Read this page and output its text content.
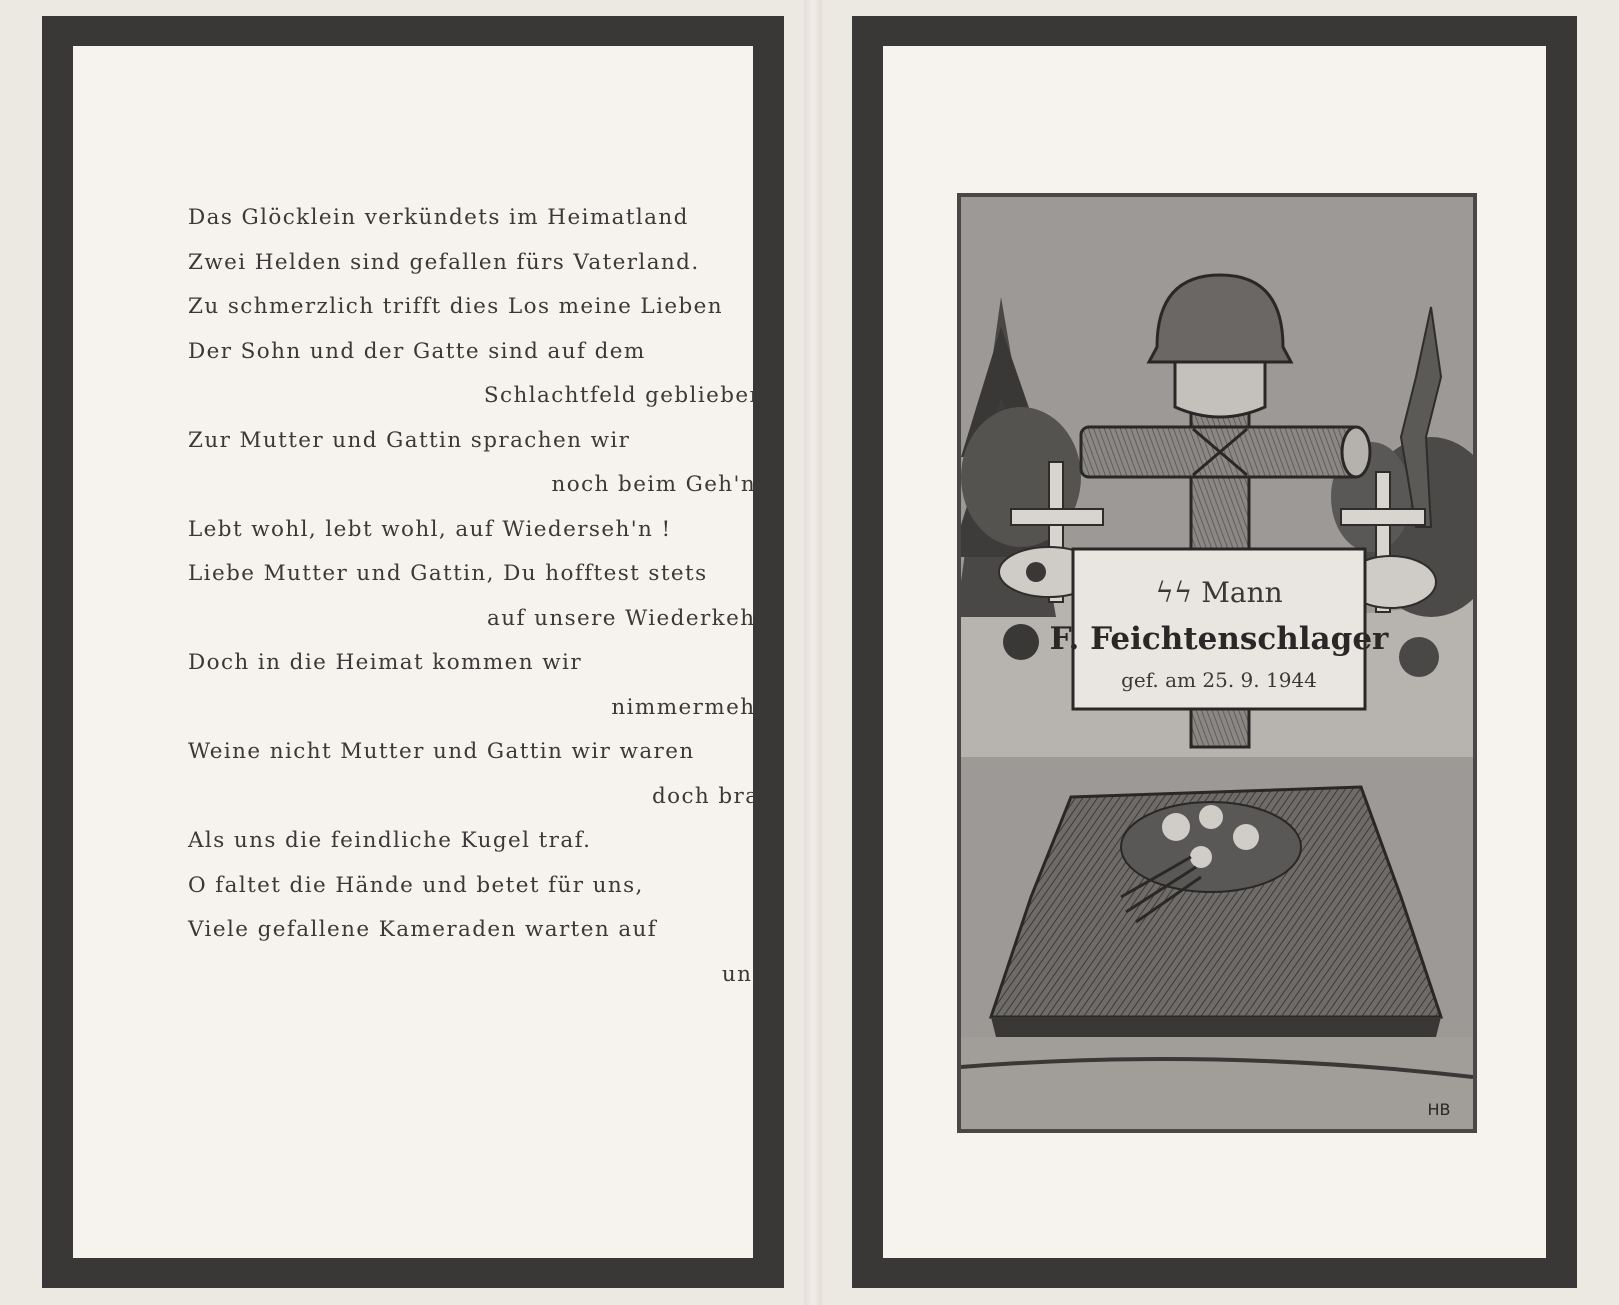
Das Glöcklein verkündets im Heimatland
Zwei Helden sind gefallen fürs Vaterland.
Zu schmerzlich trifft dies Los meine Lieben
Der Sohn und der Gatte sind auf dem
Schlachtfeld geblieben.
Zur Mutter und Gattin sprachen wir
noch beim Geh'n :
Lebt wohl, lebt wohl, auf Wiederseh'n !
Liebe Mutter und Gattin, Du hofftest stets
auf unsere Wiederkehr,
Doch in die Heimat kommen wir
nimmermehr.
Weine nicht Mutter und Gattin wir waren
doch brav
Als uns die feindliche Kugel traf.
O faltet die Hände und betet für uns,
Viele gefallene Kameraden warten auf
uns.
ϟϟ Mann
F. Feichtenschlager
gef. am 25. 9. 1944
HB
